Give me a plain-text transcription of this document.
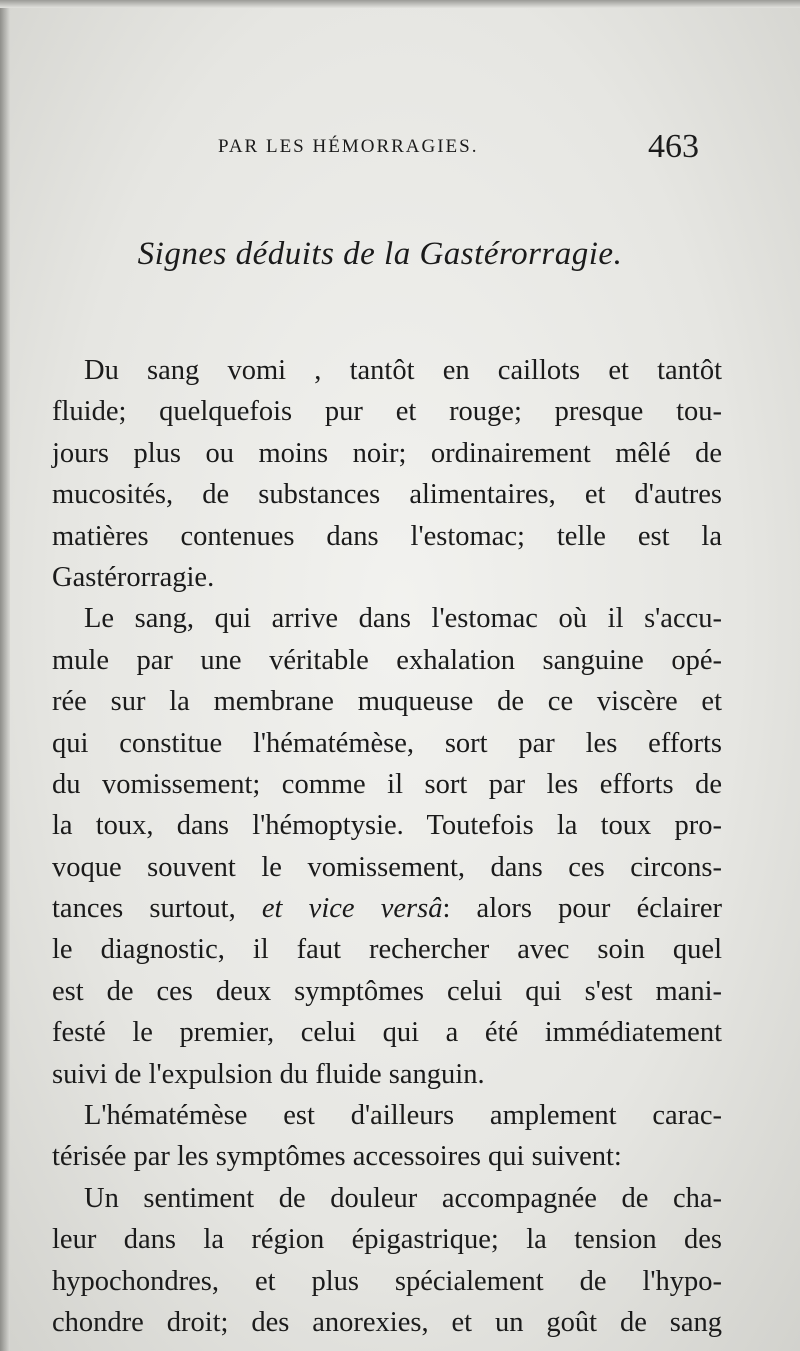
PAR LES HÉMORRAGIES.	463
Signes déduits de la Gastérorragie.
Du sang vomi , tantôt en caillots et tantôt
fluide; quelquefois pur et rouge; presque tou-
jours plus ou moins noir; ordinairement mêlé de
mucosités, de substances alimentaires, et d'autres
matières contenues dans l'estomac; telle est la
Gastérorragie.
Le sang, qui arrive dans l'estomac où il s'accu-
mule par une véritable exhalation sanguine opé-
rée sur la membrane muqueuse de ce viscère et
qui constitue l'hématémèse, sort par les efforts
du vomissement; comme il sort par les efforts de
la toux, dans l'hémoptysie. Toutefois la toux pro-
voque souvent le vomissement, dans ces circons-
tances surtout, et vice versâ: alors pour éclairer
le diagnostic, il faut rechercher avec soin quel
est de ces deux symptômes celui qui s'est mani-
festé le premier, celui qui a été immédiatement
suivi de l'expulsion du fluide sanguin.
L'hématémèse est d'ailleurs amplement carac-
térisée par les symptômes accessoires qui suivent:
Un sentiment de douleur accompagnée de cha-
leur dans la région épigastrique; la tension des
hypochondres, et plus spécialement de l'hypo-
chondre droit; des anorexies, et un goût de sang
